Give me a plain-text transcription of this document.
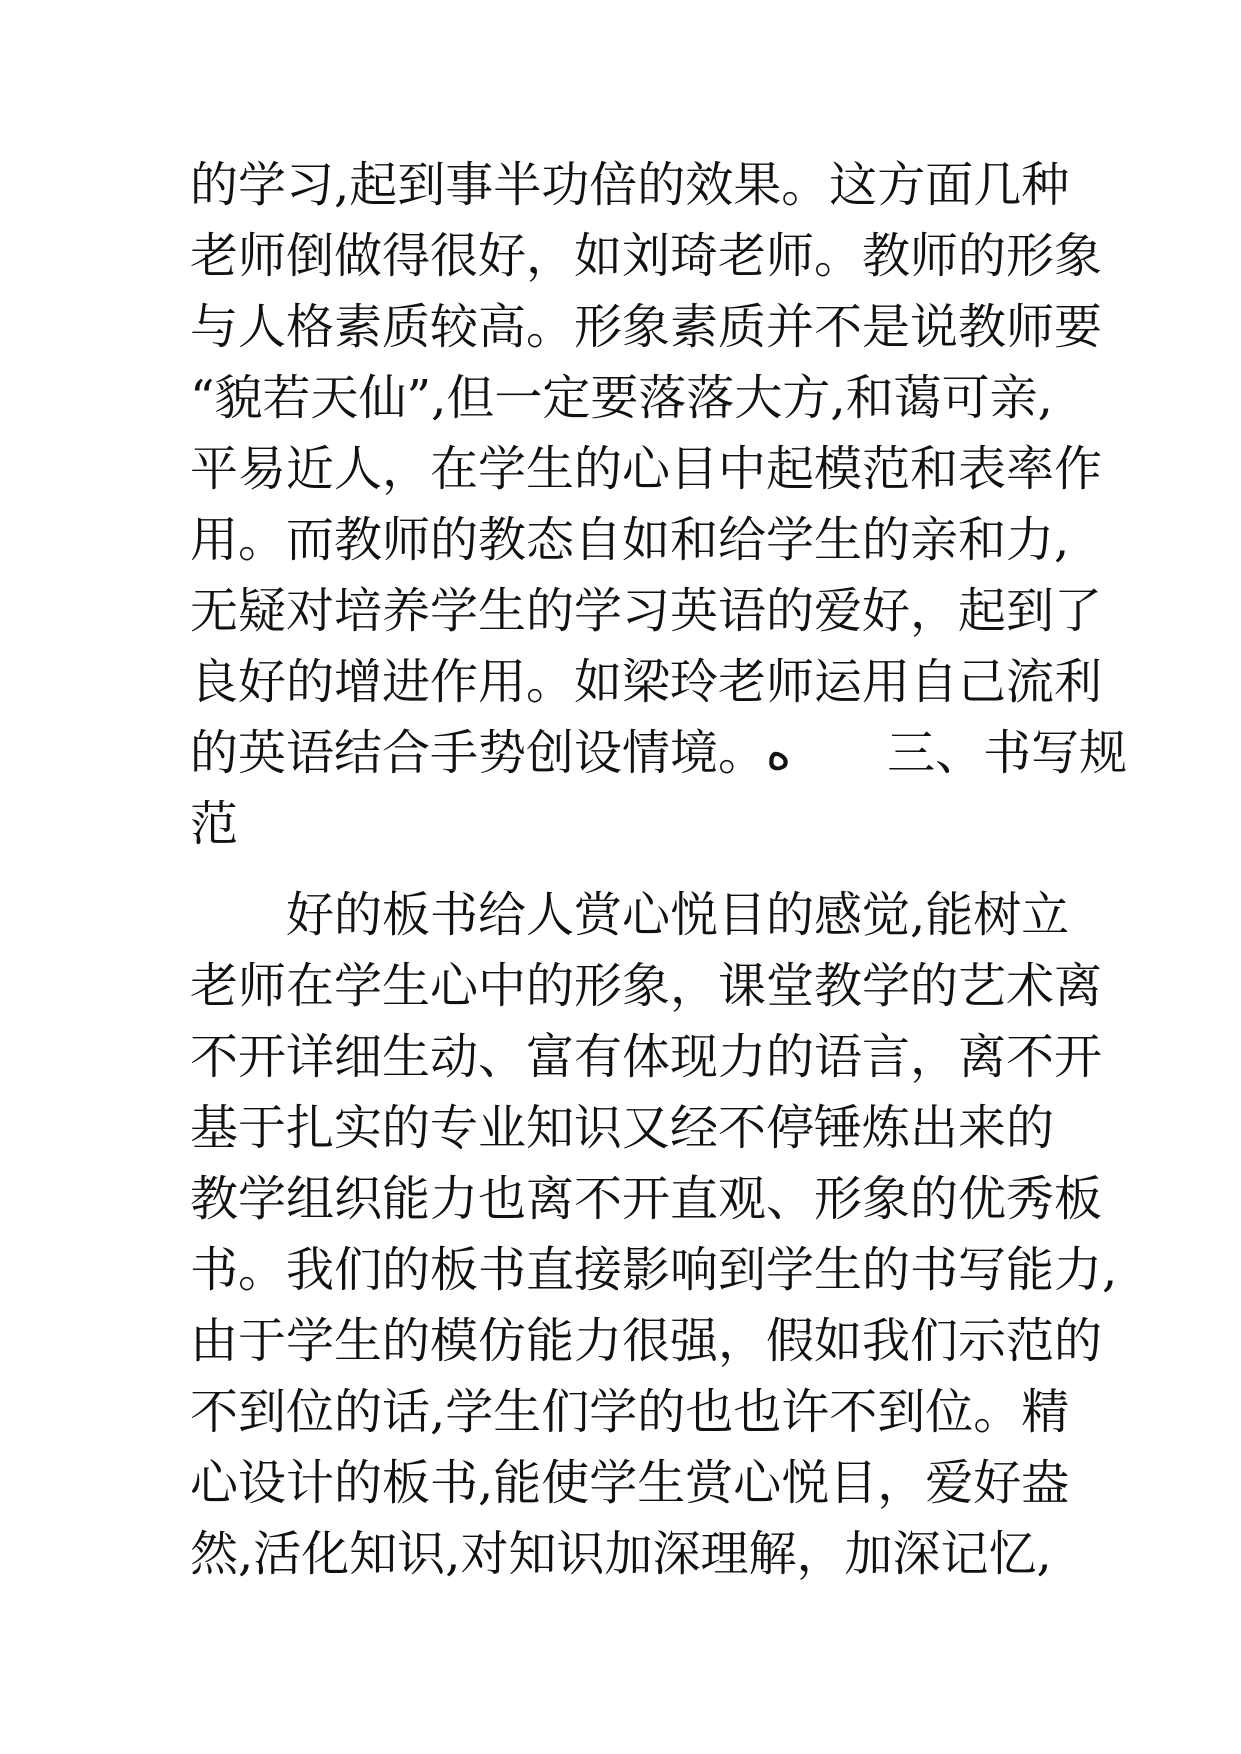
的学习,起到事半功倍的效果。这方面几种
老师倒做得很好，如刘琦老师。教师的形象
与人格素质较高。形象素质并不是说教师要
“貌若天仙”,但一定要落落大方,和蔼可亲,
平易近人，在学生的心目中起模范和表率作
用。而教师的教态自如和给学生的亲和力,
无疑对培养学生的学习英语的爱好，起到了
良好的增进作用。如梁玲老师运用自己流利
的英语结合手势创设情境。ه　　三、书写规
范
　　好的板书给人赏心悦目的感觉,能树立
老师在学生心中的形象，课堂教学的艺术离
不开详细生动、富有体现力的语言，离不开
基于扎实的专业知识又经不停锤炼出来的
教学组织能力也离不开直观、形象的优秀板
书。我们的板书直接影响到学生的书写能力,
由于学生的模仿能力很强，假如我们示范的
不到位的话,学生们学的也也许不到位。精
心设计的板书,能使学生赏心悦目，爱好盎
然,活化知识,对知识加深理解，加深记忆,
